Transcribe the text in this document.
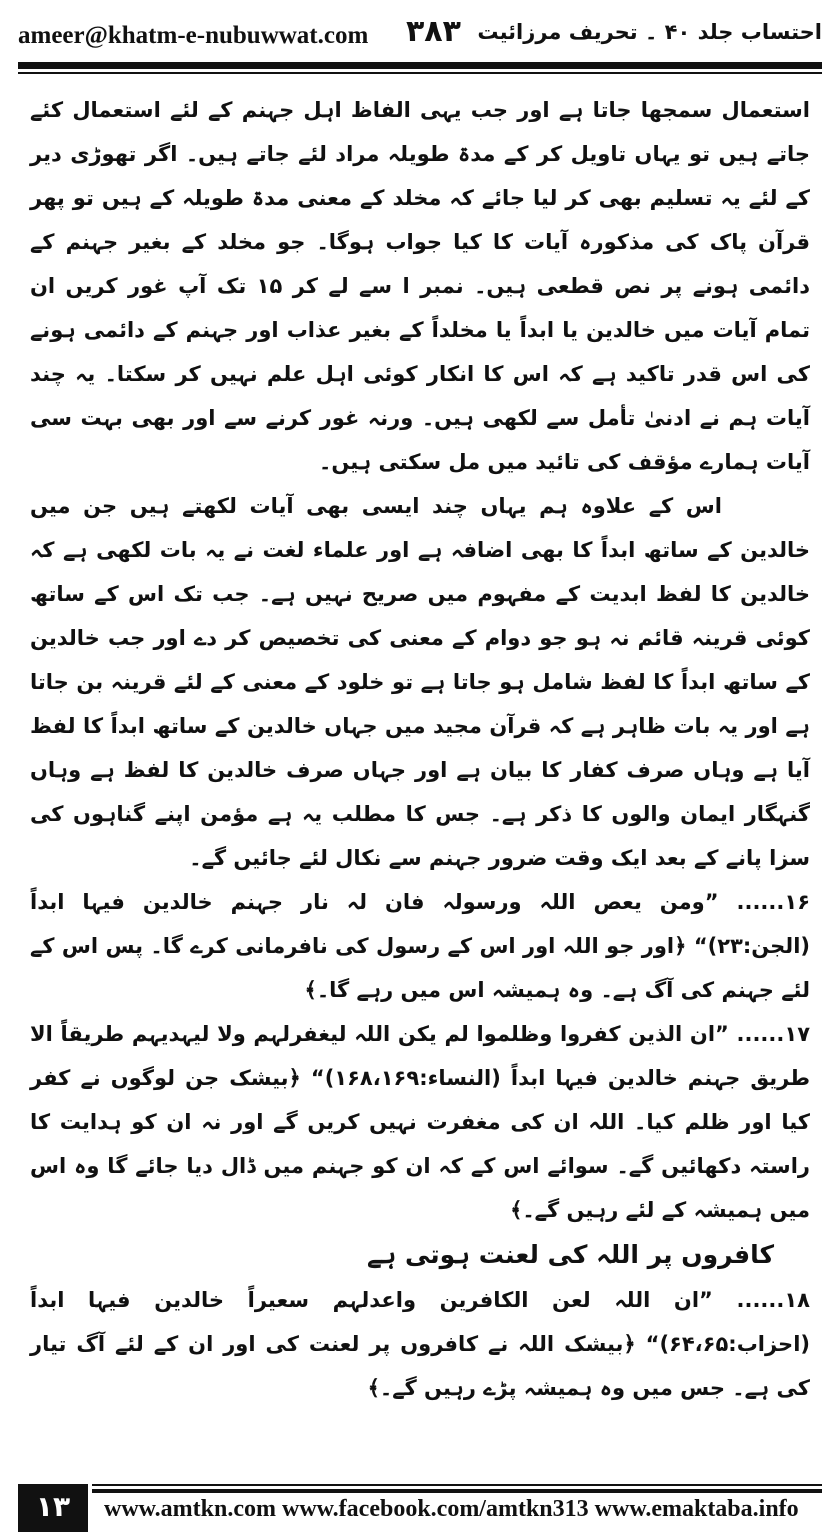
ameer@khatm-e-nubuwwat.com ۳۸۳ احتساب جلد ۴۰ ۔ تحریف مرزائیت

استعمال سمجھا جاتا ہے اور جب یہی الفاظ اہل جہنم کے لئے استعمال کئے جاتے ہیں تو یہاں تاویل کر کے مدۃ طویلہ مراد لئے جاتے ہیں۔ اگر تھوڑی دیر کے لئے یہ تسلیم بھی کر لیا جائے کہ مخلد کے معنی مدۃ طویلہ کے ہیں تو پھر قرآن پاک کی مذکورہ آیات کا کیا جواب ہوگا۔ جو مخلد کے بغیر جہنم کے دائمی ہونے پر نص قطعی ہیں۔ نمبر ا سے لے کر ۱۵ تک آپ غور کریں ان تمام آیات میں خالدین یا ابداً یا مخلداً کے بغیر عذاب اور جہنم کے دائمی ہونے کی اس قدر تاکید ہے کہ اس کا انکار کوئی اہل علم نہیں کر سکتا۔ یہ چند آیات ہم نے ادنیٰ تأمل سے لکھی ہیں۔ ورنہ غور کرنے سے اور بھی بہت سی آیات ہمارے مؤقف کی تائید میں مل سکتی ہیں۔

اس کے علاوہ ہم یہاں چند ایسی بھی آیات لکھتے ہیں جن میں خالدین کے ساتھ ابداً کا بھی اضافہ ہے اور علماء لغت نے یہ بات لکھی ہے کہ خالدین کا لفظ ابدیت کے مفہوم میں صریح نہیں ہے۔ جب تک اس کے ساتھ کوئی قرینہ قائم نہ ہو جو دوام کے معنی کی تخصیص کر دے اور جب خالدین کے ساتھ ابداً کا لفظ شامل ہو جاتا ہے تو خلود کے معنی کے لئے قرینہ بن جاتا ہے اور یہ بات ظاہر ہے کہ قرآن مجید میں جہاں خالدین کے ساتھ ابداً کا لفظ آیا ہے وہاں صرف کفار کا بیان ہے اور جہاں صرف خالدین کا لفظ ہے وہاں گنہگار ایمان والوں کا ذکر ہے۔ جس کا مطلب یہ ہے مؤمن اپنے گناہوں کی سزا پانے کے بعد ایک وقت ضرور جہنم سے نکال لئے جائیں گے۔

۱۶...... ”ومن یعص اللہ ورسولہ فان لہ نار جہنم خالدین فیہا ابداً (الجن:۲۳)“ ﴿اور جو اللہ اور اس کے رسول کی نافرمانی کرے گا۔ پس اس کے لئے جہنم کی آگ ہے۔ وہ ہمیشہ اس میں رہے گا۔﴾

۱۷...... ”ان الذین کفروا وظلموا لم یکن اللہ لیغفرلہم ولا لیہدیہم طریقاً الا طریق جہنم خالدین فیہا ابداً (النساء:۱۶۸،۱۶۹)“ ﴿بیشک جن لوگوں نے کفر کیا اور ظلم کیا۔ اللہ ان کی مغفرت نہیں کریں گے اور نہ ان کو ہدایت کا راستہ دکھائیں گے۔ سوائے اس کے کہ ان کو جہنم میں ڈال دیا جائے گا وہ اس میں ہمیشہ کے لئے رہیں گے۔﴾

کافروں پر اللہ کی لعنت ہوتی ہے

۱۸...... ”ان اللہ لعن الکافرین واعدلہم سعیراً خالدین فیہا ابداً (احزاب:۶۴،۶۵)“ ﴿بیشک اللہ نے کافروں پر لعنت کی اور ان کے لئے آگ تیار کی ہے۔ جس میں وہ ہمیشہ پڑے رہیں گے۔﴾

۱۳	www.amtkn.com www.facebook.com/amtkn313 www.emaktaba.info
